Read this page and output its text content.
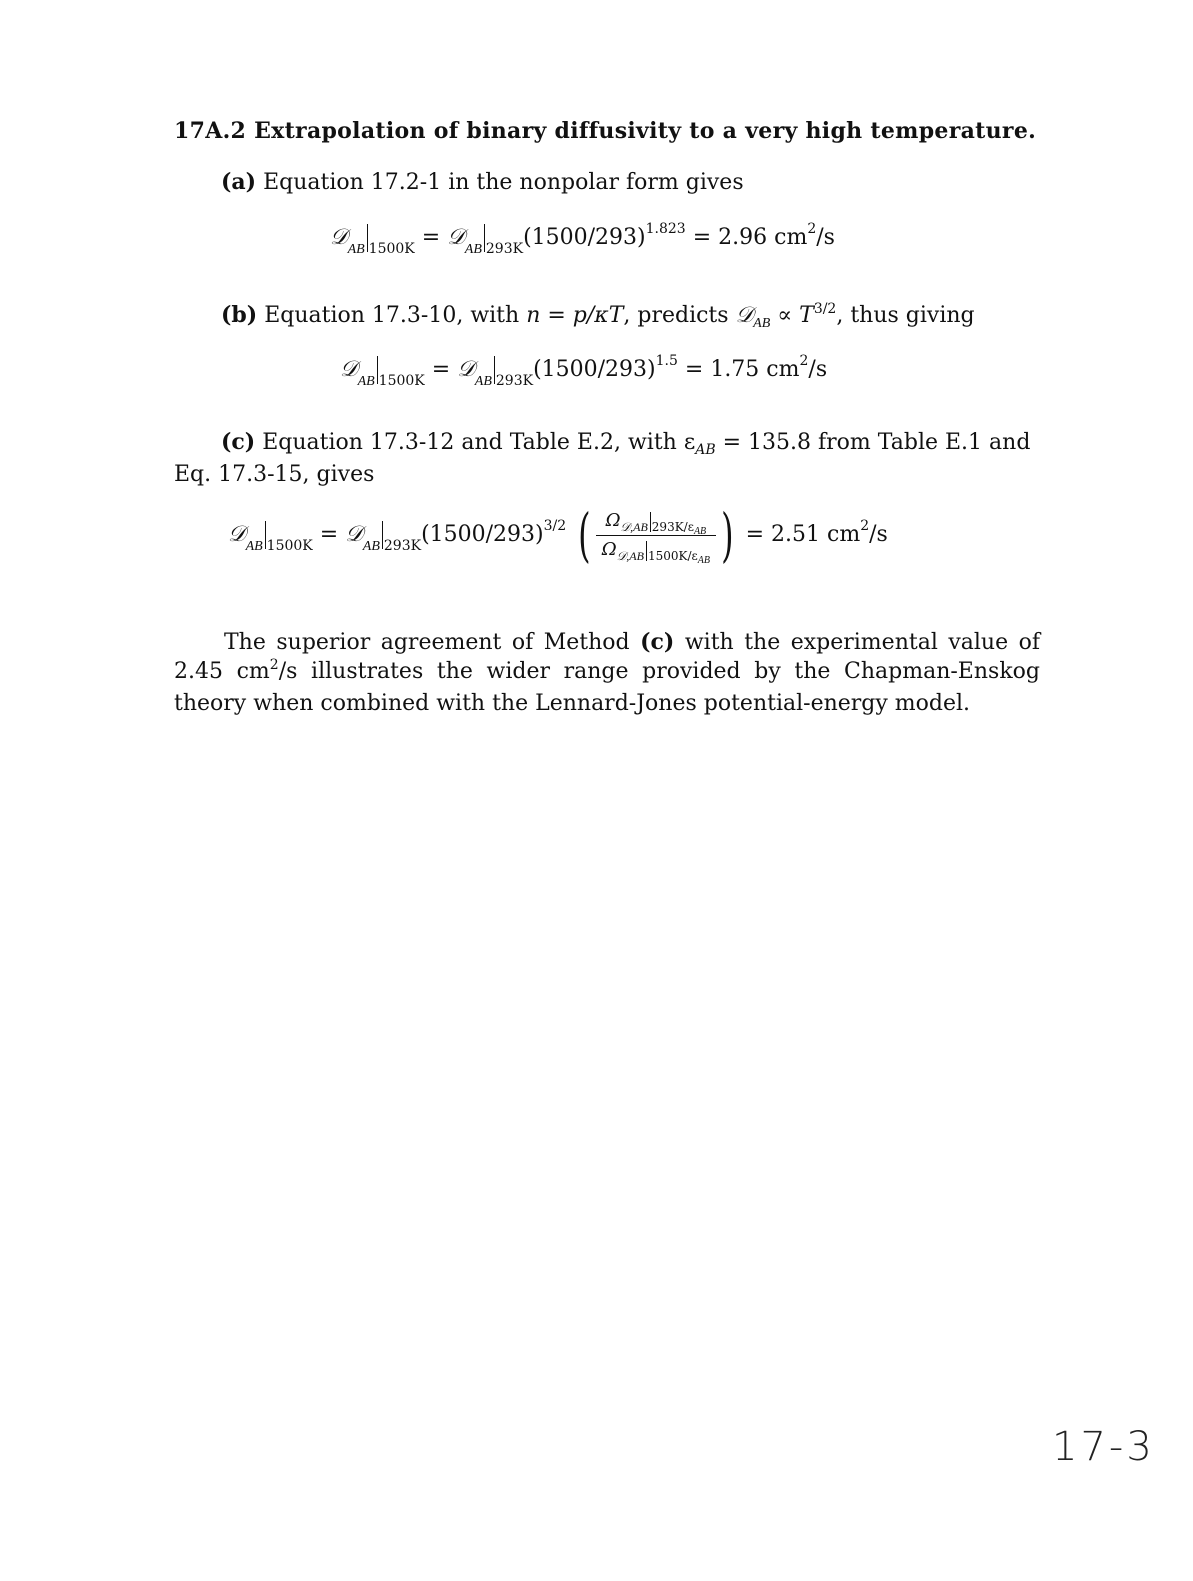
17A.2 Extrapolation of binary diffusivity to a very high temperature.
(a) Equation 17.2-1 in the nonpolar form gives
𝒟$_{AB}$ $_{1500K}$ = 𝒟$_{AB}$ $_{293K}(1500/293)^{1.823} = 2.96$ $cm^2/s$
(b) Equation 17.3-10, with n = p/κT, predicts 𝒟$_{AB}$ ∝ $T^{3/2}$, thus giving
𝒟$_{AB}$ $_{1500K}$ = 𝒟$_{AB}$ $_{293K}(1500/293)^{1.5} = 1.75$ $cm^2/s$
(c) Equation 17.3-12 and Table E.2, with $\varepsilon_{AB} = 135.8$ from Table E.1 and Eq. 17.3-15, gives
𝒟$_{AB}$ $_{1500K}$ = 𝒟$_{AB}$ $_{293K}(1500/293)^{3/2}$ ( $\frac{\Omega_{𝒟,AB} _{293K/\varepsilon AB}}{\Omega_{𝒟,AB} _{1500K/\varepsilon AB}}$ ) = 2.51 $cm^2/s$
The superior agreement of Method (c) with the experimental value of 2.45 $cm^2/s$ illustrates the wider range provided by the Chapman-Enskog theory when combined with the Lennard-Jones potential-energy model.
17-3
